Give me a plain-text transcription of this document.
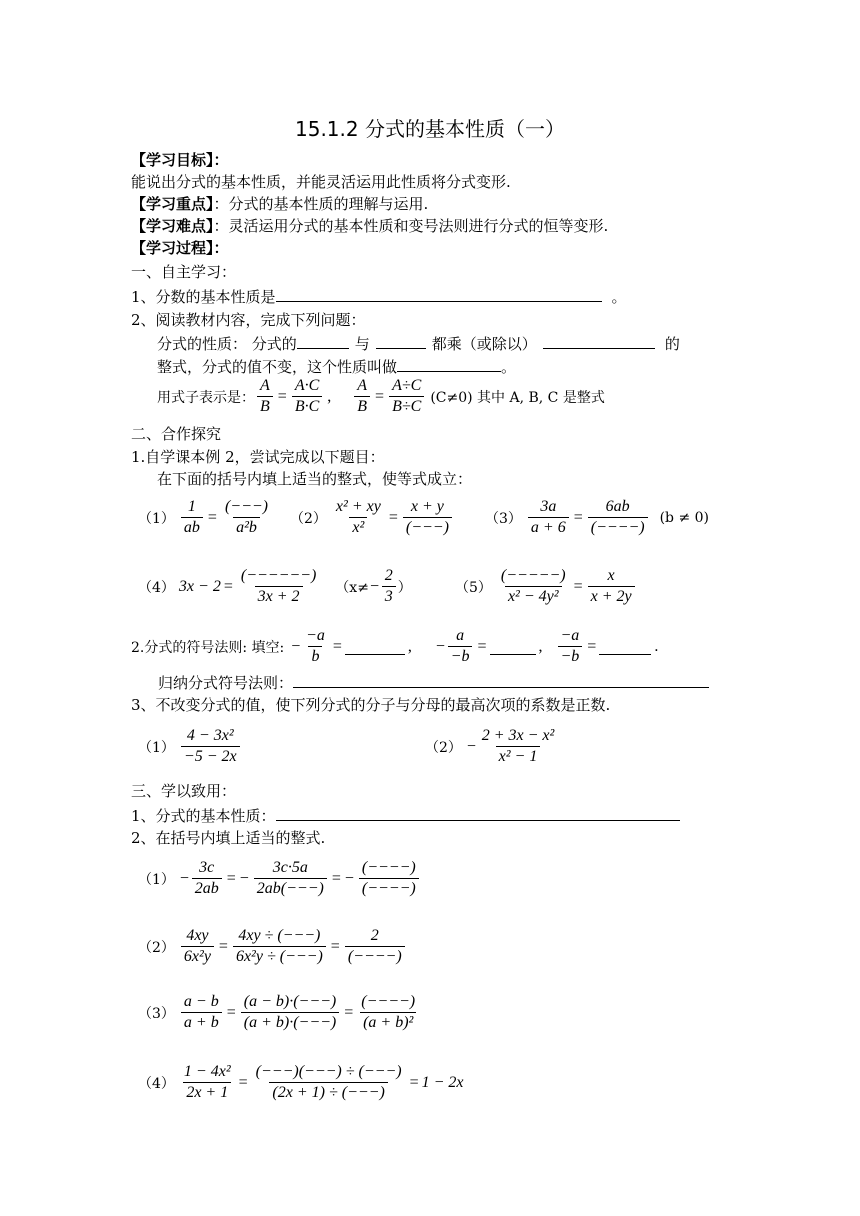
15.1.2 分式的基本性质（一）
【学习目标】：
能说出分式的基本性质，并能灵活运用此性质将分式变形.
【学习重点】：分式的基本性质的理解与运用.
【学习难点】：灵活运用分式的基本性质和变号法则进行分式的恒等变形.
【学习过程】：
一、自主学习：
1、分数的基本性质是	。
2、阅读教材内容，完成下列问题：
分式的性质： 分式的	与	都乘（或除以）	的
整式，分式的值不变，这个性质叫做	。
用式子表示是： $\frac{A}{B} = \frac{A\cdot C}{B\cdot C}$ , $\frac{A}{B} = \frac{A\div C}{B\div C} (C\ne 0)$ 其中 A, B, C 是整式
二、合作探究
1.自学课本例 2，尝试完成以下题目：
在下面的括号内填上适当的整式，使等式成立：
$(1) \frac{1}{ab} = \frac{(---)}{\text{a²b}} (2) \frac{\text{x² + xy}}{\text{x²}} = \frac{x + y}{(---)} (3) \frac{3a}{a + 6} = \frac{6ab}{(----)} (b \ne 0)$
（4） $3x - 2 = \frac{(------)}{3x + 2} (x\ne - \frac{2}{3}$ ）	$(5) \frac{(-----)}{\text{x² − 4y²}} = \frac{x}{x + 2y}$
2.分式的符号法则: 填空: − $\frac{-a}{b}$ =	, − $\frac{a}{-b}$ =	, $\frac{-a}{-b}$ =	.
归纳分式符号法则：
3、不改变分式的值，使下列分式的分子与分母的最高次项的系数是正数.
$(1) \frac{\text{4 − 3x²}}{-5 - 2x}$	$(2) - \frac{\text{2 + 3x − x²}}{\text{x² − 1}}$
三、学以致用：
1、分式的基本性质：
2、在括号内填上适当的整式.
$(1) - \frac{3c}{2ab}$ = − $\frac{3c\cdot 5a}{2ab(---)}$ = − $\frac{(----)}{(----)}$
$(2) \frac{4xy}{\text{6x²y}} = \frac{4xy \div (---)}{\text{6x²y ÷ (−−−)}} = \frac{2}{(----)}$
$(3) \frac{a - b}{a + b} = \frac{(a - b)\cdot(---)}{(a + b)\cdot(---)} = \frac{(----)}{\text{(a + b)²}}$
$(4) \frac{\text{1 − 4x²}}{2x + 1} = \frac{(---)(---) \div (---)}{(2x + 1) \div (---)} = 1 - 2x$
